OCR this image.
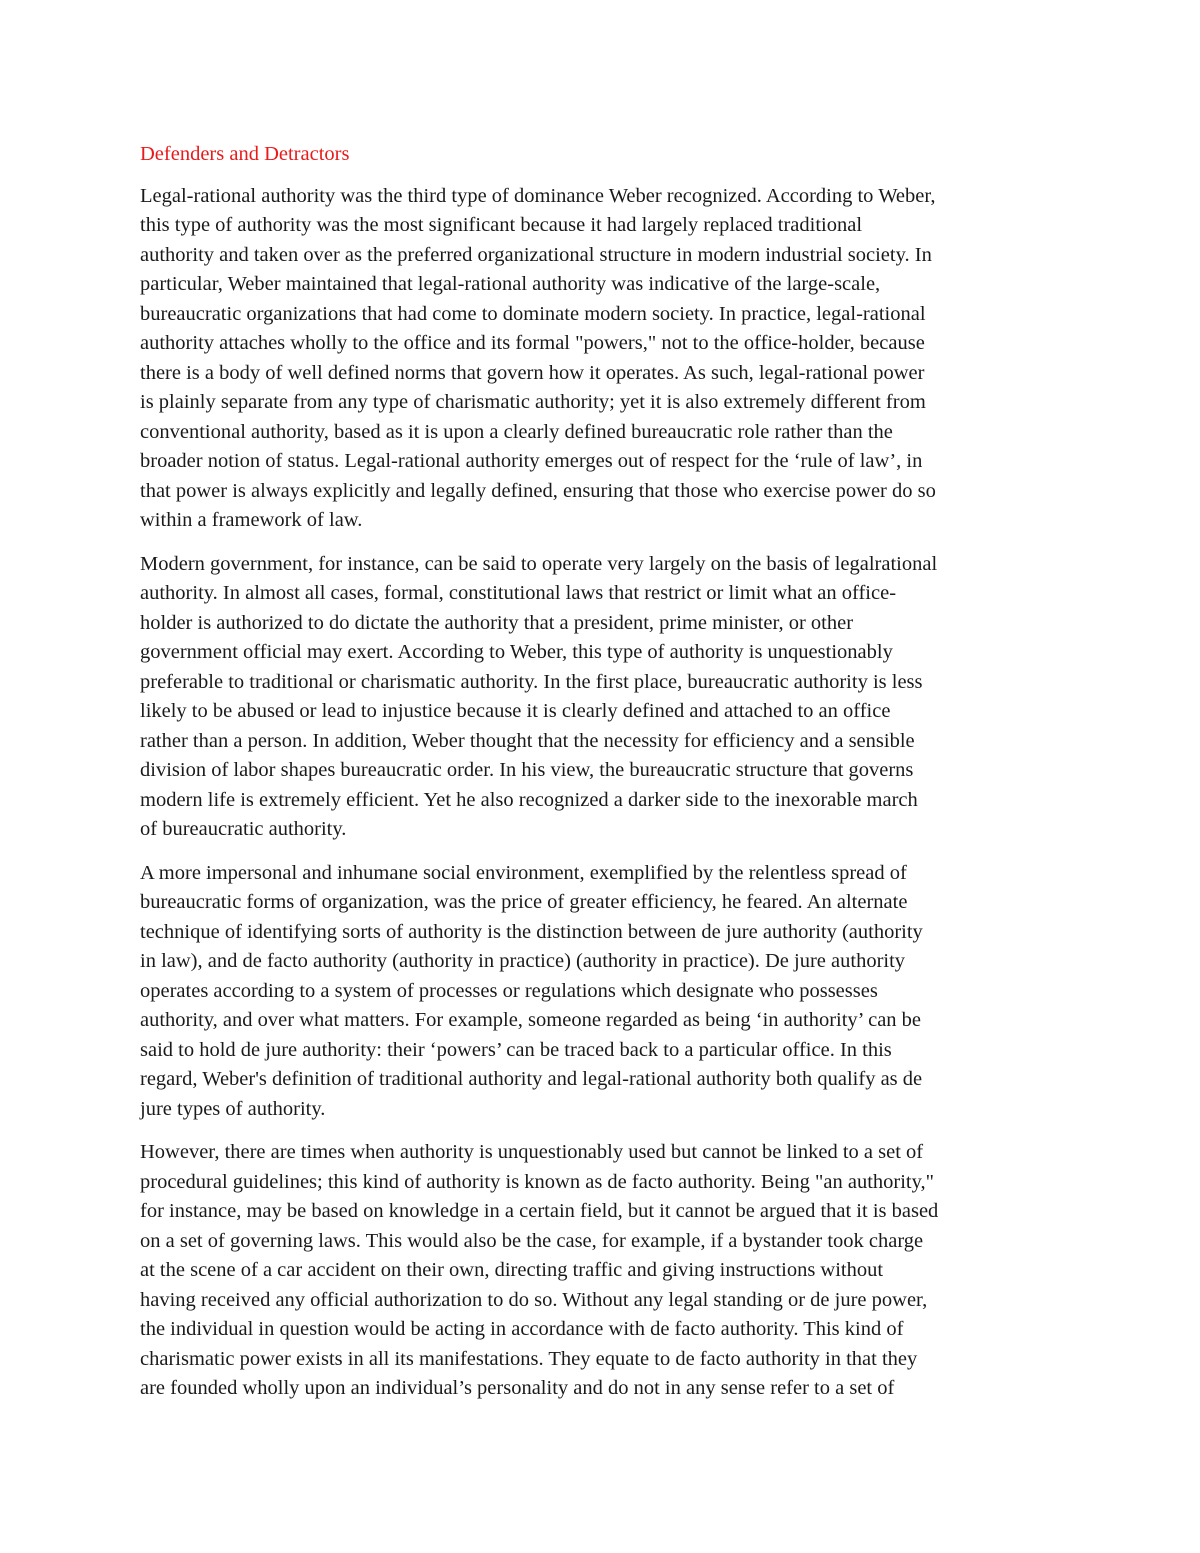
Defenders and Detractors

Legal-rational authority was the third type of dominance Weber recognized. According to Weber,
this type of authority was the most significant because it had largely replaced traditional
authority and taken over as the preferred organizational structure in modern industrial society. In
particular, Weber maintained that legal-rational authority was indicative of the large-scale,
bureaucratic organizations that had come to dominate modern society. In practice, legal-rational
authority attaches wholly to the office and its formal "powers," not to the office-holder, because
there is a body of well defined norms that govern how it operates. As such, legal-rational power
is plainly separate from any type of charismatic authority; yet it is also extremely different from
conventional authority, based as it is upon a clearly defined bureaucratic role rather than the
broader notion of status. Legal-rational authority emerges out of respect for the ‘rule of law’, in
that power is always explicitly and legally defined, ensuring that those who exercise power do so
within a framework of law.

Modern government, for instance, can be said to operate very largely on the basis of legalrational
authority. In almost all cases, formal, constitutional laws that restrict or limit what an office-
holder is authorized to do dictate the authority that a president, prime minister, or other
government official may exert. According to Weber, this type of authority is unquestionably
preferable to traditional or charismatic authority. In the first place, bureaucratic authority is less
likely to be abused or lead to injustice because it is clearly defined and attached to an office
rather than a person. In addition, Weber thought that the necessity for efficiency and a sensible
division of labor shapes bureaucratic order. In his view, the bureaucratic structure that governs
modern life is extremely efficient. Yet he also recognized a darker side to the inexorable march
of bureaucratic authority.

A more impersonal and inhumane social environment, exemplified by the relentless spread of
bureaucratic forms of organization, was the price of greater efficiency, he feared. An alternate
technique of identifying sorts of authority is the distinction between de jure authority (authority
in law), and de facto authority (authority in practice) (authority in practice). De jure authority
operates according to a system of processes or regulations which designate who possesses
authority, and over what matters. For example, someone regarded as being ‘in authority’ can be
said to hold de jure authority: their ‘powers’ can be traced back to a particular office. In this
regard, Weber's definition of traditional authority and legal-rational authority both qualify as de
jure types of authority.

However, there are times when authority is unquestionably used but cannot be linked to a set of
procedural guidelines; this kind of authority is known as de facto authority. Being "an authority,"
for instance, may be based on knowledge in a certain field, but it cannot be argued that it is based
on a set of governing laws. This would also be the case, for example, if a bystander took charge
at the scene of a car accident on their own, directing traffic and giving instructions without
having received any official authorization to do so. Without any legal standing or de jure power,
the individual in question would be acting in accordance with de facto authority. This kind of
charismatic power exists in all its manifestations. They equate to de facto authority in that they
are founded wholly upon an individual’s personality and do not in any sense refer to a set of
